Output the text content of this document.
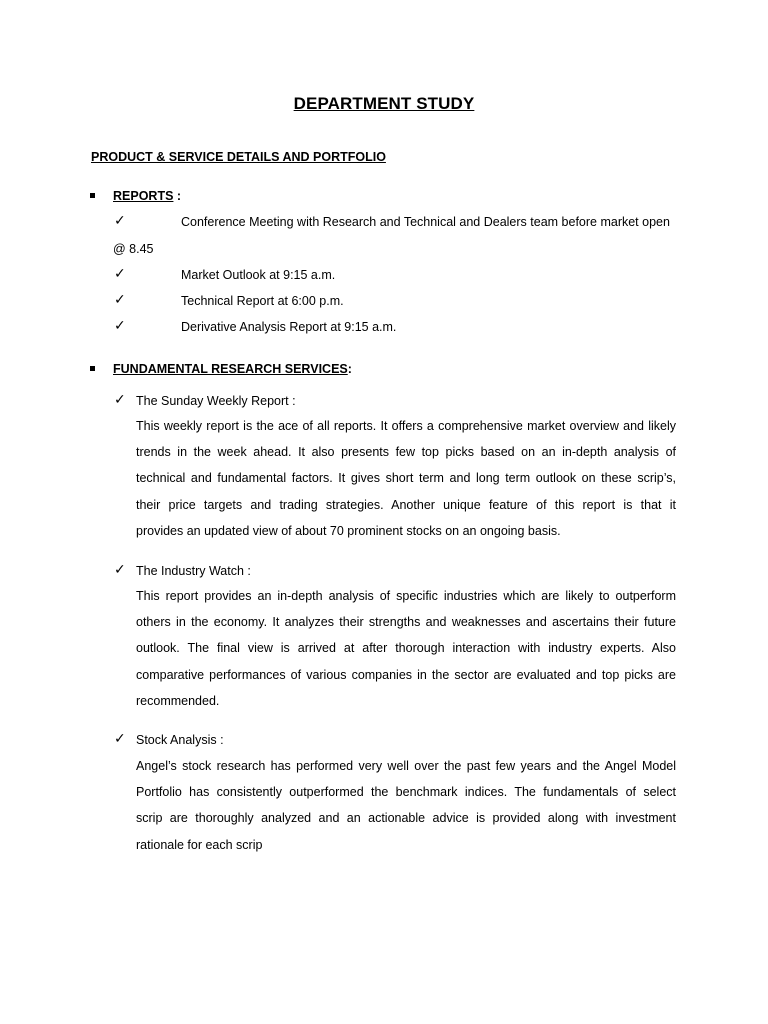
DEPARTMENT STUDY
PRODUCT & SERVICE DETAILS AND PORTFOLIO
REPORTS :
✓	Conference Meeting with Research and Technical and Dealers team before market open
@ 8.45
✓	Market Outlook at 9:15 a.m.
✓	Technical Report at 6:00 p.m.
✓	Derivative Analysis Report at 9:15 a.m.
FUNDAMENTAL RESEARCH SERVICES:
✓ The Sunday Weekly Report :
This weekly report is the ace of all reports. It offers a comprehensive market overview and likely
trends in the week ahead. It also presents few top picks based on an in-depth analysis of
technical and fundamental factors. It gives short term and long term outlook on these scrip’s,
their price targets and trading strategies. Another unique feature of this report is that it
provides an updated view of about 70 prominent stocks on an ongoing basis.
✓ The Industry Watch :
This report provides an in-depth analysis of specific industries which are likely to outperform
others in the economy. It analyzes their strengths and weaknesses and ascertains their future
outlook. The final view is arrived at after thorough interaction with industry experts. Also
comparative performances of various companies in the sector are evaluated and top picks are
recommended.
✓ Stock Analysis :
Angel’s stock research has performed very well over the past few years and the Angel Model
Portfolio has consistently outperformed the benchmark indices. The fundamentals of select
scrip are thoroughly analyzed and an actionable advice is provided along with investment
rationale for each scrip
